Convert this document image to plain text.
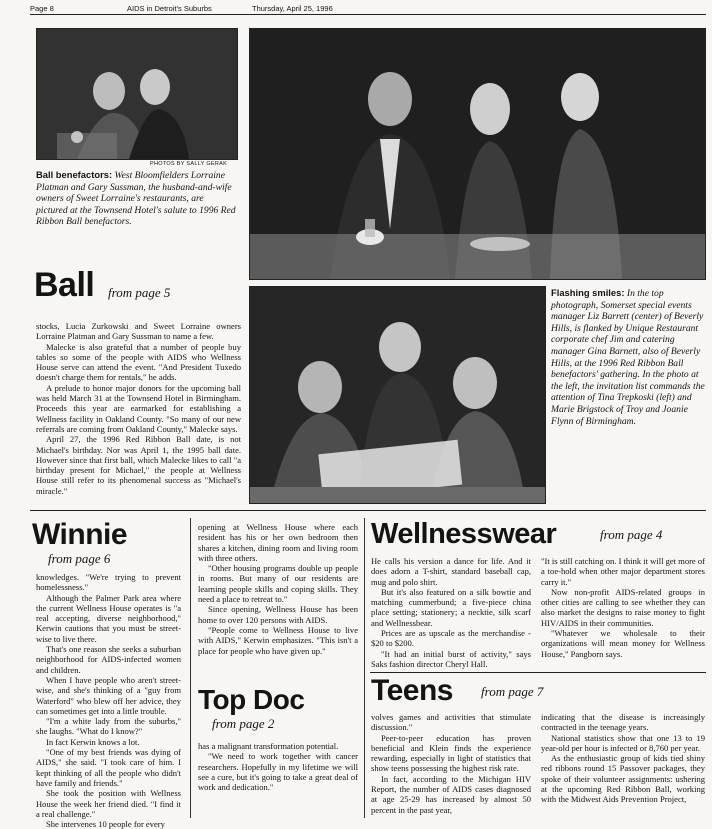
Page 8	AIDS in Detroit's Suburbs	Thursday, April 25, 1996
PHOTOS BY SALLY GERAK
Ball benefactors: West Bloomfielders Lorraine Platman and Gary Sussman, the husband-and-wife owners of Sweet Lorraine's restaurants, are pictured at the Townsend Hotel's salute to 1996 Red Ribbon Ball benefactors.
Ball from page 5	Flashing smiles: In the top photograph, Somerset special events manager Liz Barrett (center) of Beverly Hills, is flanked by Unique Restaurant corporate chef Jim and catering manager Gina Barnett, also of Beverly Hills, at the 1996 Red Ribbon Ball benefactors' gathering. In the photo at the left, the invitation list commands the attention of Tina Trepkoski (left) and Marie Brigstock of Troy and Joanie Flynn of Birmingham.

stocks, Lucia Zurkowski and Sweet Lorraine owners Lorraine Platman and Gary Sussman to name a few.

Malecke is also grateful that a number of people buy tables so some of the people with AIDS who Wellness House serve can attend the event. "And President Tuxedo doesn't charge them for rentals," he adds.

A prelude to honor major donors for the upcoming ball was held March 31 at the Townsend Hotel in Birmingham. Proceeds this year are earmarked for establishing a Wellness facility in Oakland County. "So many of our new referrals are coming from Oakland County," Malecke says.

April 27, the 1996 Red Ribbon Ball date, is not Michael's birthday. Nor was April 1, the 1995 ball date. However since that first ball, which Malecke likes to call "a birthday present for Michael," the people at Wellness House still refer to its phenomenal success as "Michael's miracle."

Winnie
from page 6

knowledges. "We're trying to prevent homelessness."

Although the Palmer Park area where the current Wellness House operates is "a real accepting, diverse neighborhood," Kerwin cautions that you must be street-wise to live there.

That's one reason she seeks a suburban neighborhood for AIDS-infected women and children.

When I have people who aren't street-wise, and she's thinking of a "guy from Waterford" who blew off her advice, they can sometimes get into a little trouble.

"I'm a white lady from the suburbs," she laughs. "What do I know?"

In fact Kerwin knows a lot.

"One of my best friends was dying of AIDS," she said. "I took care of him. I kept thinking of all the people who didn't have family and friends."

She took the position with Wellness House the week her friend died. "I find it a real challenge."

She intervenes 10 people for every

opening at Wellness House where each resident has his or her own bedroom then shares a kitchen, dining room and living room with three others.

"Other housing programs double up people in rooms. But many of our residents are learning people skills and coping skills. They need a place to retreat to."

Since opening, Wellness House has been home to over 120 persons with AIDS.

"People come to Wellness House to live with AIDS," Kerwin emphasizes. "This isn't a place for people who have given up."

Top Doc
from page 2

has a malignant transformation potential.

"We need to work together with cancer researchers. Hopefully in my lifetime we will see a cure, but it's going to take a great deal of work and dedication."

Wellnesswear	from page 4

He calls his version a dance for life. And it does adorn a T-shirt, standard baseball cap, mug and polo shirt.

But it's also featured on a silk bowtie and matching cummerbund; a five-piece china place setting; stationery; a necktie, silk scarf and Wellnessbear.

Prices are as upscale as the merchandise - $20 to $200.

"It had an initial burst of activity," says Saks fashion director Cheryl Hall.

"It is still catching on. I think it will get more of a toe-hold when other major department stores carry it."

Now non-profit AIDS-related groups in other cities are calling to see whether they can also market the designs to raise money to fight HIV/AIDS in their communities.

"Whatever we wholesale to their organizations will mean money for Wellness House," Pangborn says.

Teens from page 7

volves games and activities that stimulate discussion."

Peer-to-peer education has proven beneficial and Klein finds the experience rewarding, especially in light of statistics that show teens possessing the highest risk rate.

In fact, according to the Michigan HIV Report, the number of AIDS cases diagnosed at age 25-29 has increased by almost 50 percent in the past year,

indicating that the disease is increasingly contracted in the teenage years.

National statistics show that one 13 to 19 year-old per hour is infected or 8,760 per year.

As the enthusiastic group of kids tied shiny red ribbons round 15 Passover packages, they spoke of their volunteer assignments: ushering at the upcoming Red Ribbon Ball, working with the Midwest Aids Prevention Project,
